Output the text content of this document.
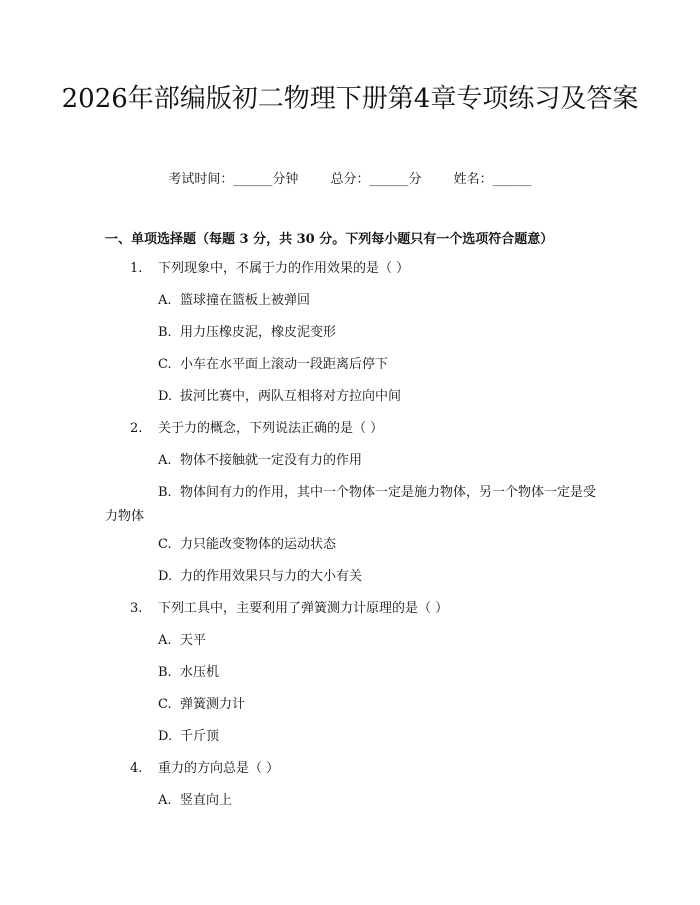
2026年部编版初二物理下册第4章专项练习及答案
考试时间：______分钟 总分：______分 姓名：______
一、单项选择题（每题 3 分，共 30 分。下列每小题只有一个选项符合题意）
1. 下列现象中，不属于力的作用效果的是（ ）
A. 篮球撞在篮板上被弹回
B. 用力压橡皮泥，橡皮泥变形
C. 小车在水平面上滚动一段距离后停下
D. 拔河比赛中，两队互相将对方拉向中间
2. 关于力的概念，下列说法正确的是（ ）
A. 物体不接触就一定没有力的作用
B. 物体间有力的作用，其中一个物体一定是施力物体，另一个物体一定是受力物体
C. 力只能改变物体的运动状态
D. 力的作用效果只与力的大小有关
3. 下列工具中，主要利用了弹簧测力计原理的是（ ）
A. 天平
B. 水压机
C. 弹簧测力计
D. 千斤顶
4. 重力的方向总是（ ）
A. 竖直向上
